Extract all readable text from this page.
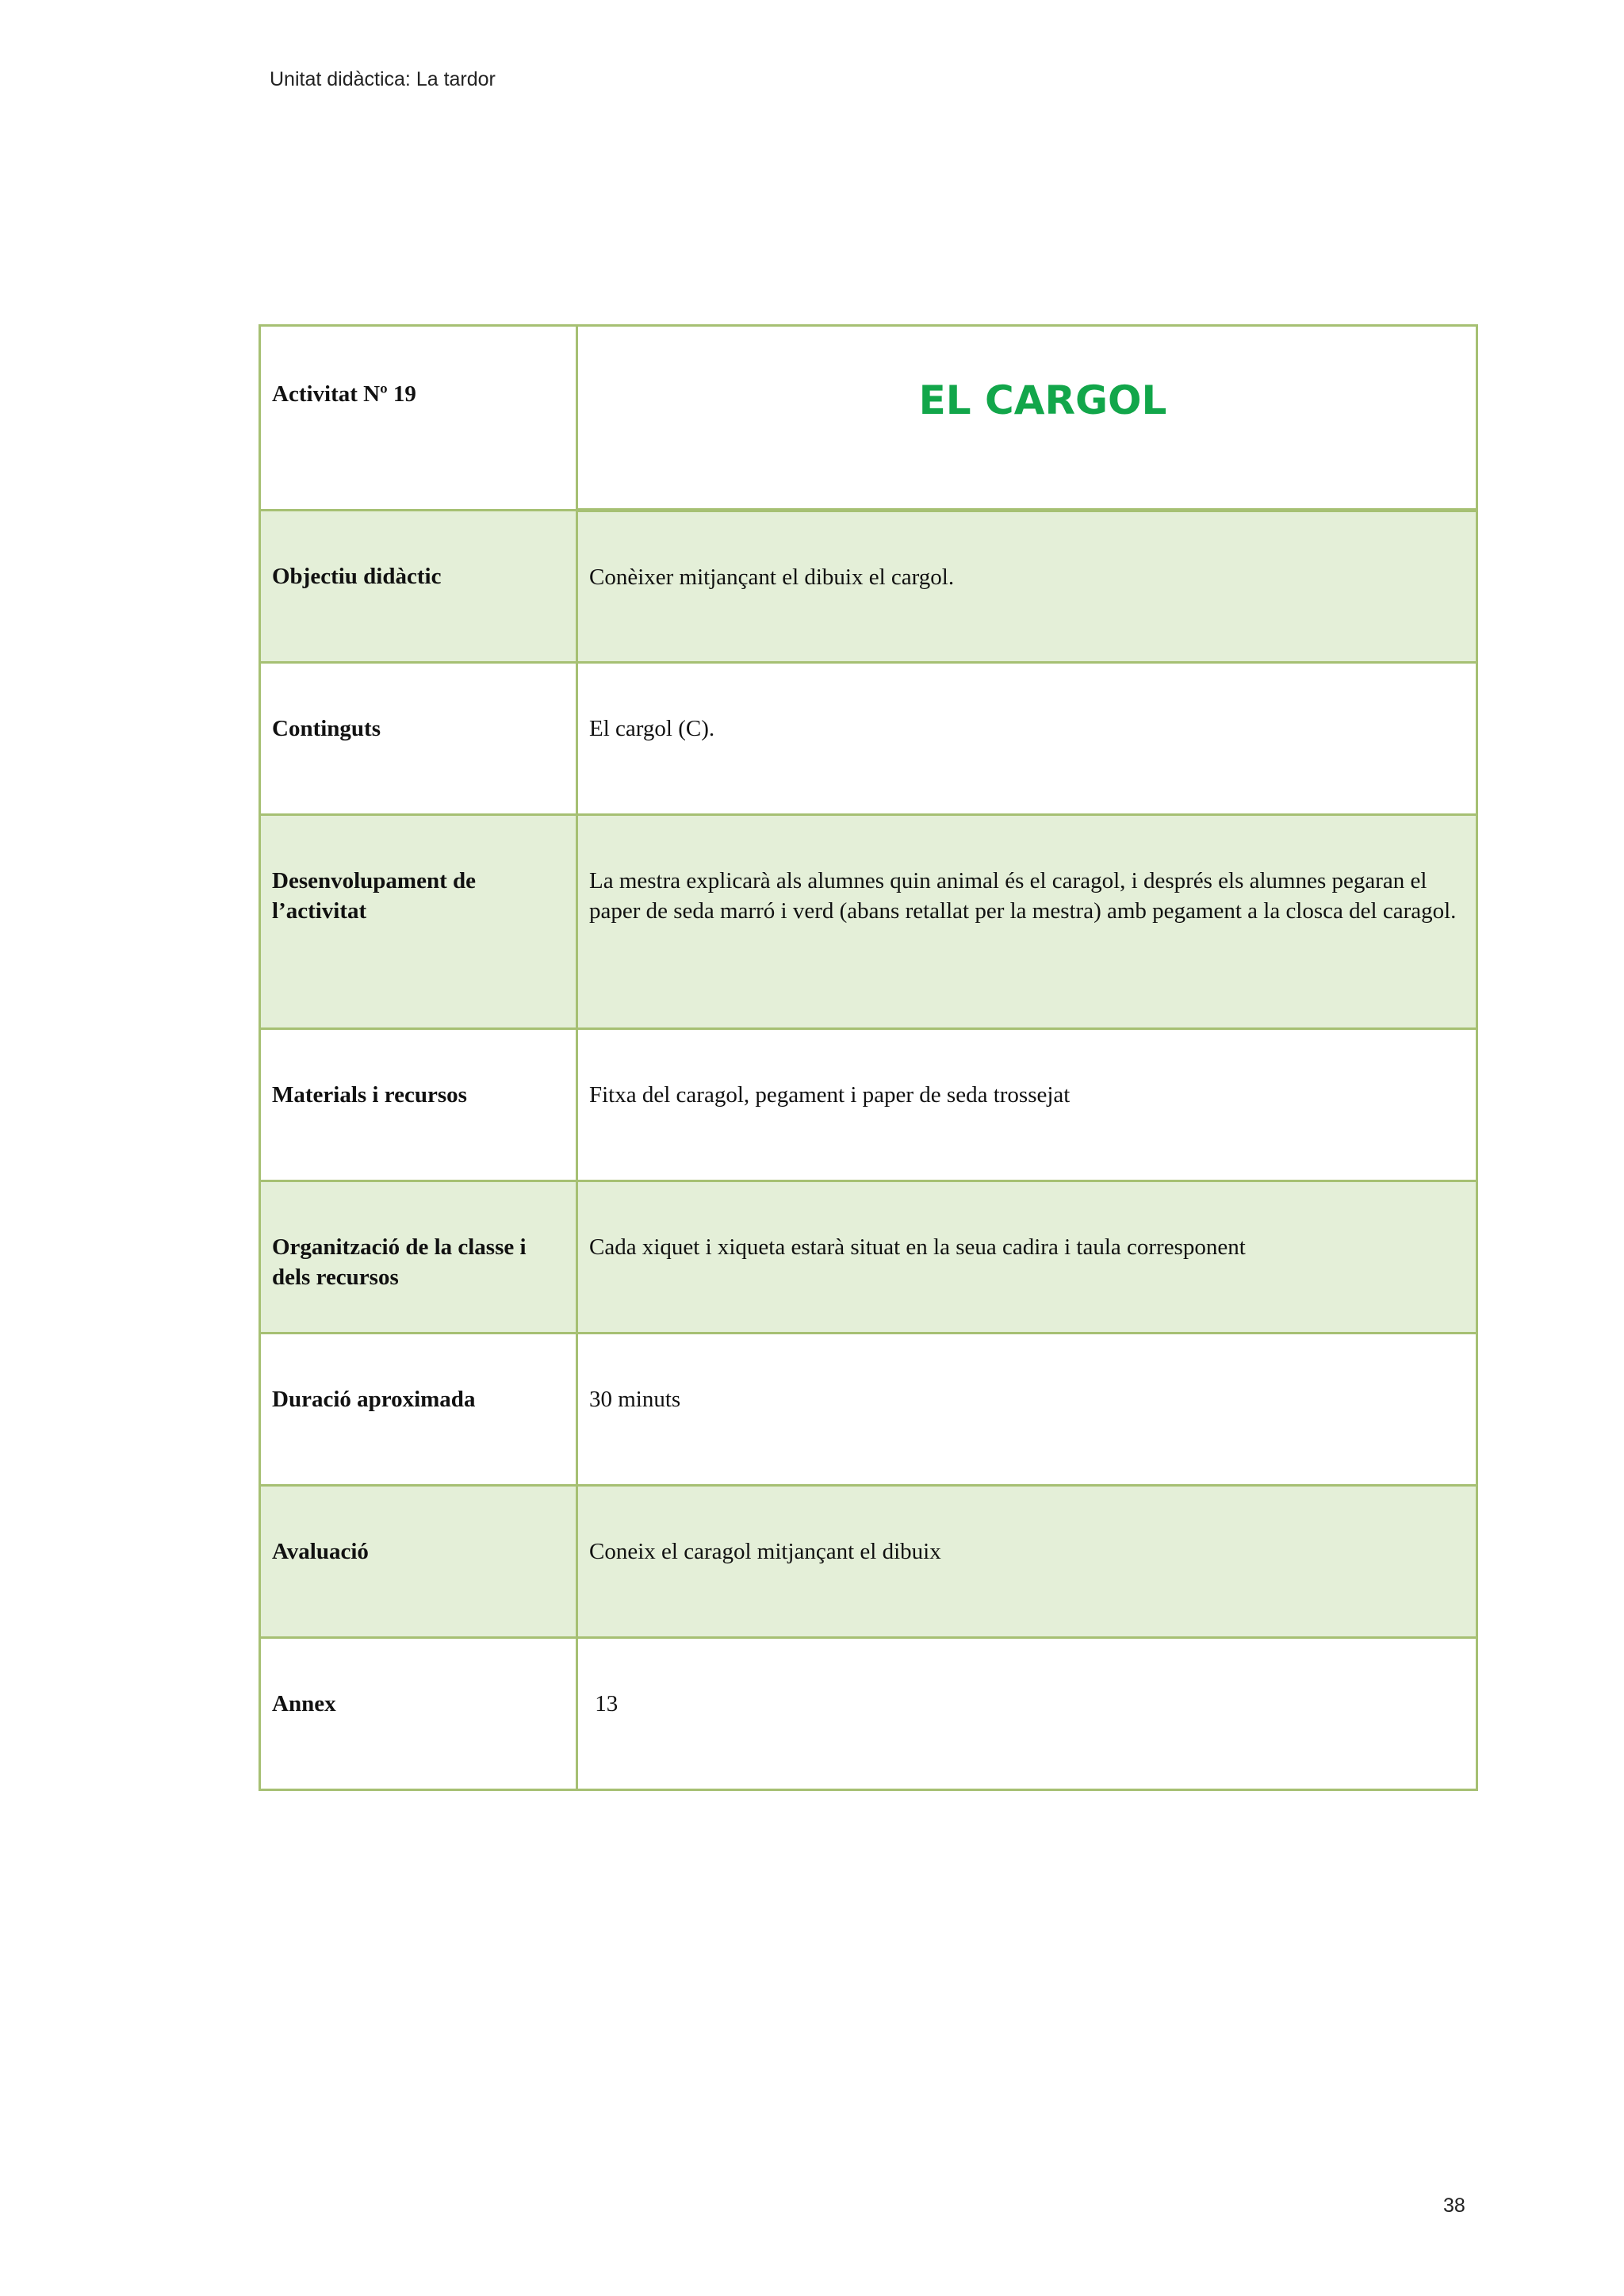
Unitat didàctica: La tardor
Activitat Nº 19	EL CARGOL

Objectiu didàctic	Conèixer mitjançant el dibuix el cargol.
Continguts	El cargol (C).
Desenvolupament de l’activitat	La mestra explicarà als alumnes quin animal és el caragol, i després els alumnes pegaran el paper de seda marró i verd (abans retallat per la mestra) amb pegament a la closca del caragol.
Materials i recursos	Fitxa del caragol, pegament i paper de seda trossejat
Organització de la classe i dels recursos	Cada xiquet i xiqueta estarà situat en la seua cadira i taula corresponent
Duració aproximada	30 minuts
Avaluació	Coneix el caragol mitjançant el dibuix
Annex	13
38
